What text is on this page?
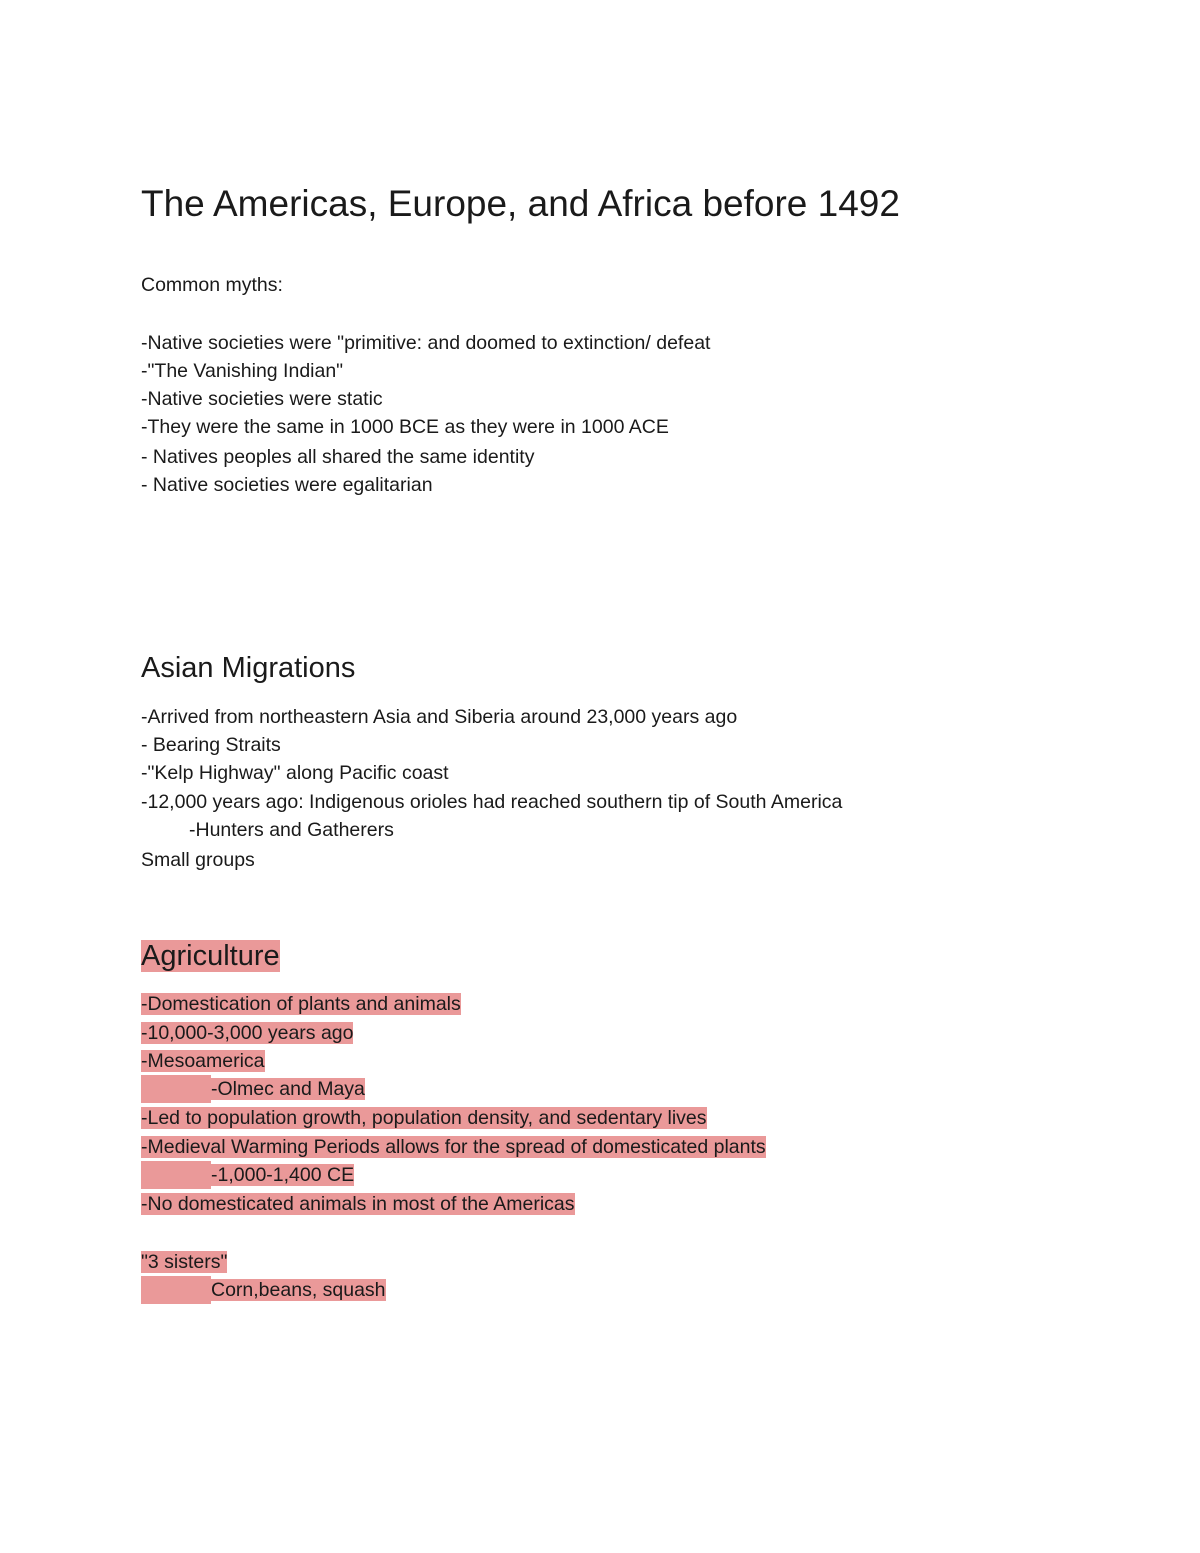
The Americas, Europe, and Africa before 1492
Common myths:
-Native societies were "primitive: and doomed to extinction/ defeat
-"The Vanishing Indian"
-Native societies were static
-They were the same in 1000 BCE as they were in 1000 ACE
- Natives peoples all shared the same identity
- Native societies were egalitarian
Asian Migrations
-Arrived from northeastern Asia and Siberia around 23,000 years ago
- Bearing Straits
-"Kelp Highway" along Pacific coast
-12,000 years ago: Indigenous orioles had reached southern tip of South America
-Hunters and Gatherers
Small groups
Agriculture
-Domestication of plants and animals
-10,000-3,000 years ago
-Mesoamerica
-Olmec and Maya
-Led to population growth, population density, and sedentary lives
-Medieval Warming Periods allows for the spread of domesticated plants
-1,000-1,400 CE
-No domesticated animals in most of the Americas
"3 sisters"
Corn,beans, squash
